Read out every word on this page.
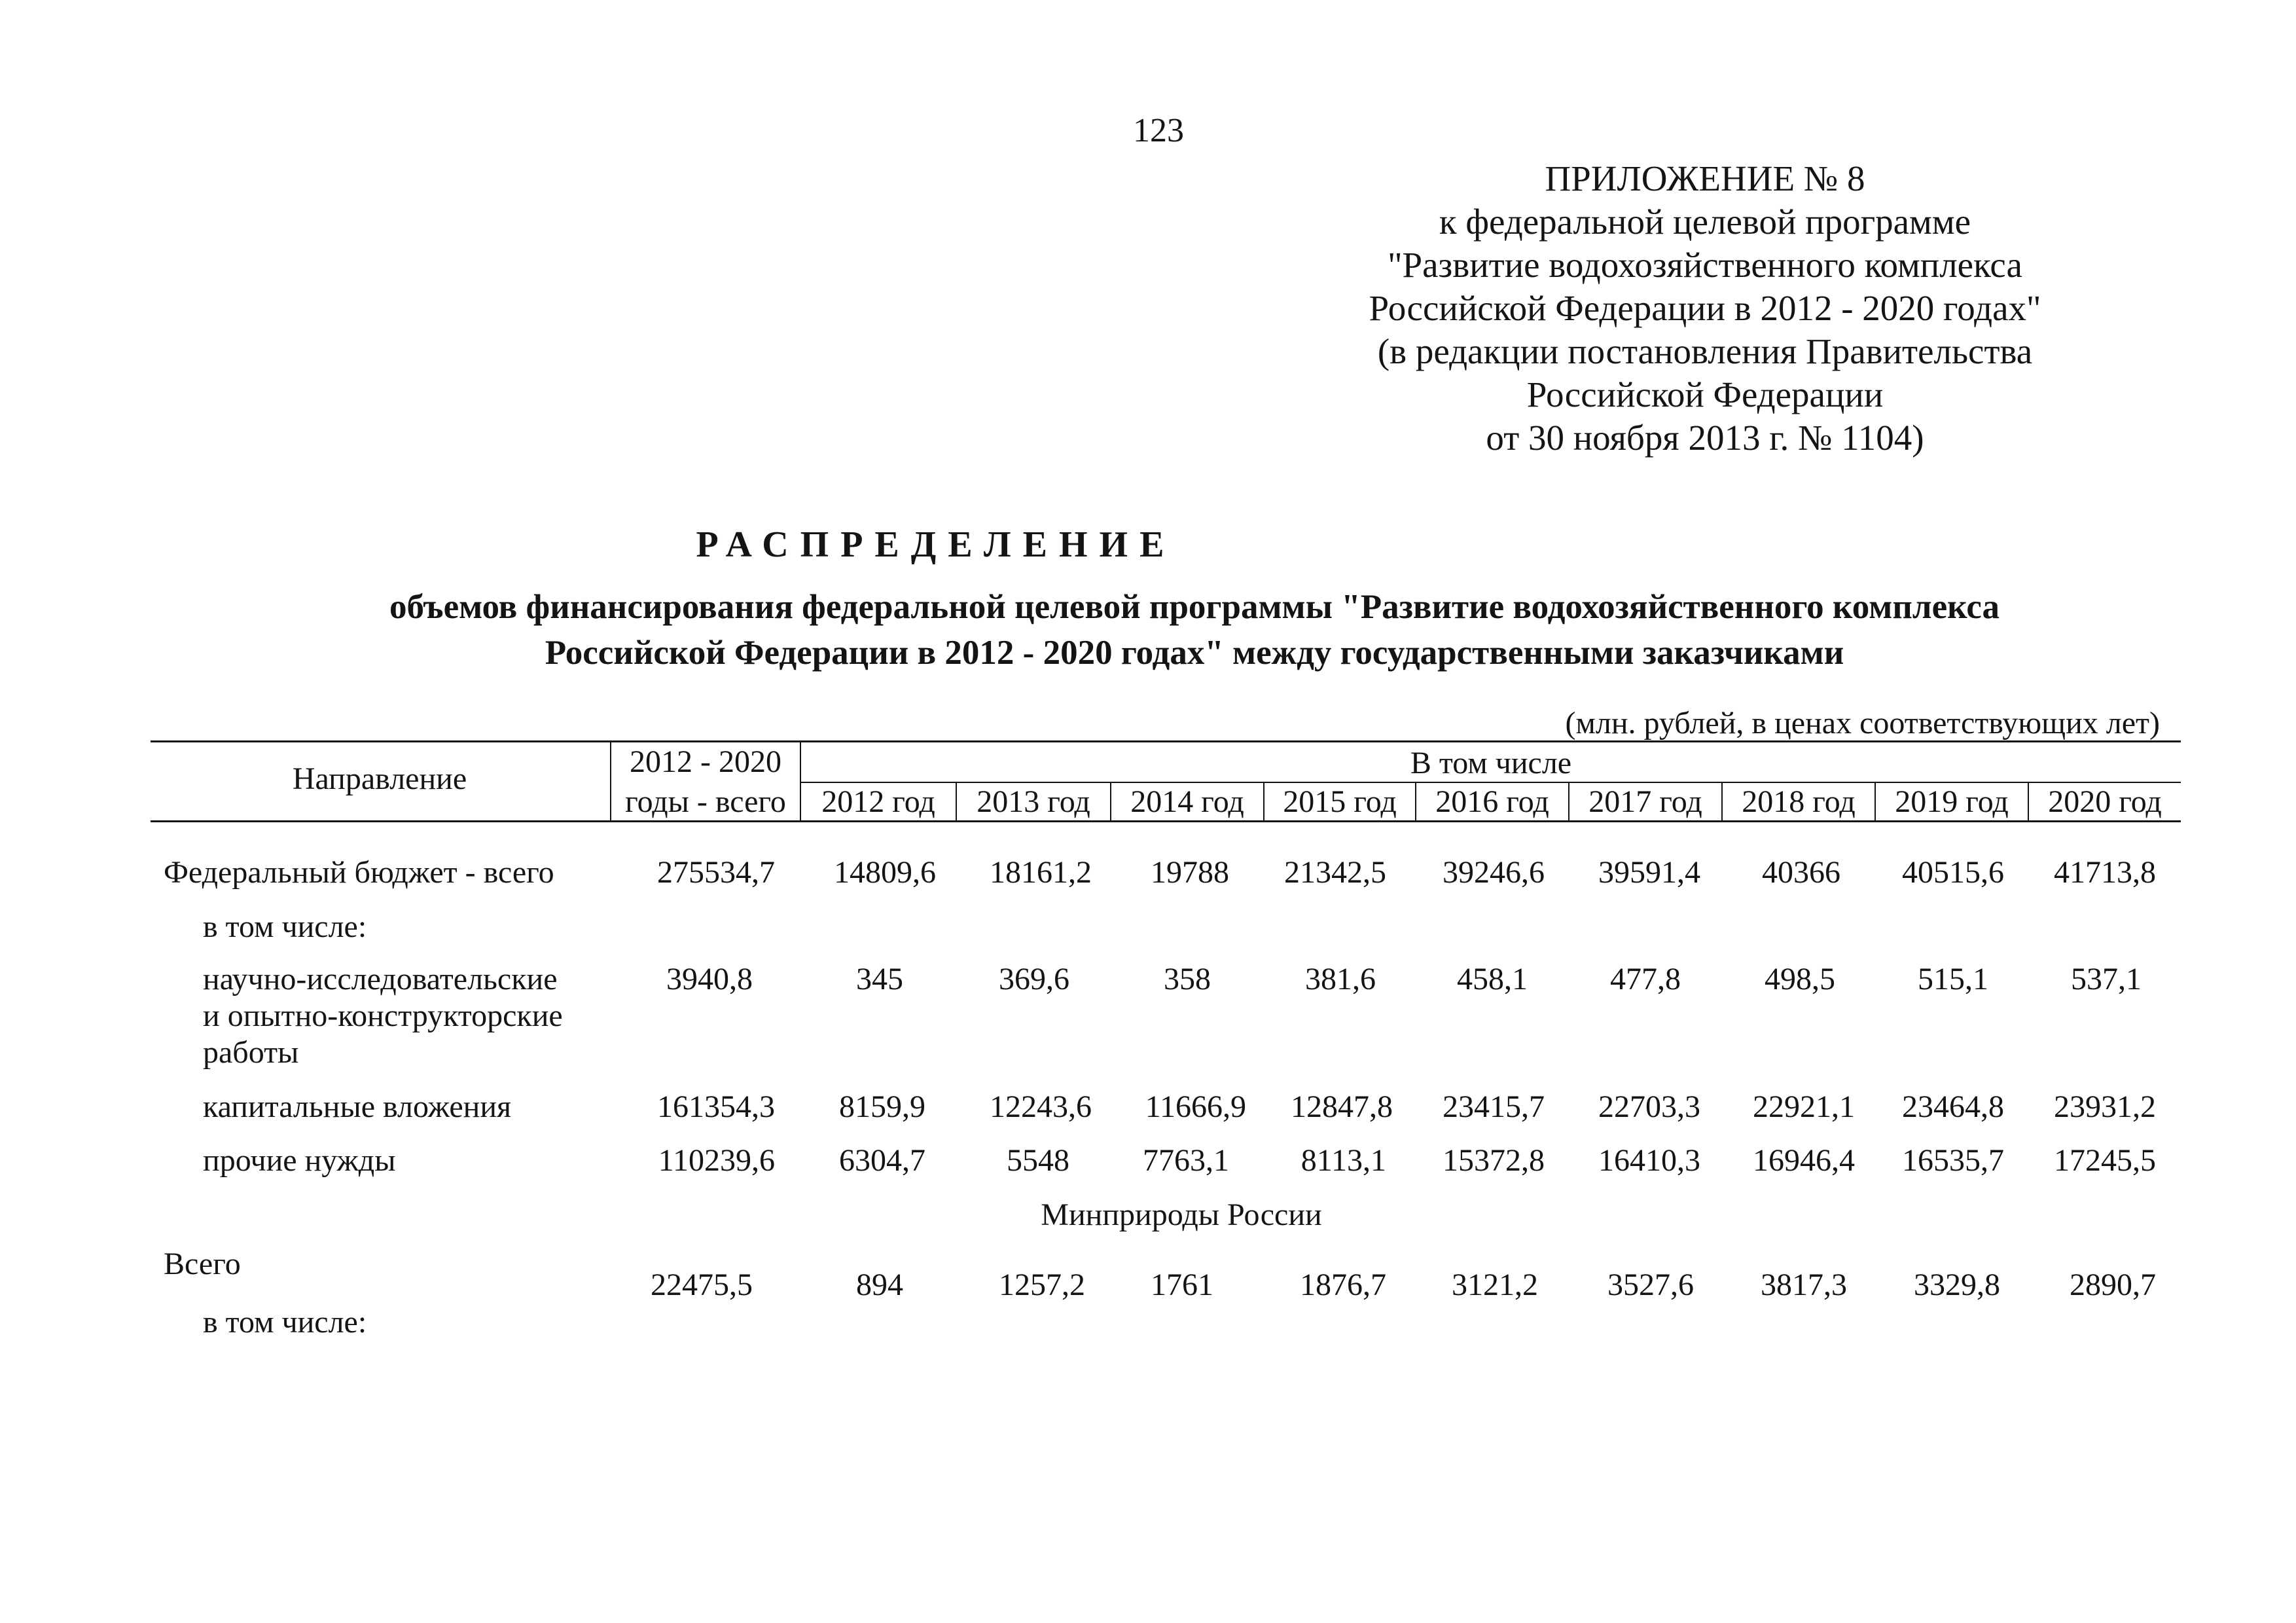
123
ПРИЛОЖЕНИЕ № 8
к федеральной целевой программе
"Развитие водохозяйственного комплекса
Российской Федерации в 2012 - 2020 годах"
(в редакции постановления Правительства
Российской Федерации
от 30 ноября 2013 г. № 1104)
РАСПРЕДЕЛЕНИЕ
объемов финансирования федеральной целевой программы "Развитие водохозяйственного комплекса
Российской Федерации в 2012 - 2020 годах" между государственными заказчиками
(млн. рублей, в ценах соответствующих лет)
Направление	2012 - 2020
годы - всего
В том числе
2012 год	2013 год	2014 год	2015 год	2016 год	2017 год	2018 год	2019 год	2020 год
Федеральный бюджет - всего	275534,7	14809,6	18161,2	19788	21342,5	39246,6	39591,4	40366	40515,6	41713,8
в том числе:
научно-исследовательские
и опытно-конструкторские
работы
3940,8	345	369,6	358	381,6	458,1	477,8	498,5	515,1	537,1
капитальные вложения	161354,3	8159,9	12243,6	11666,9	12847,8	23415,7	22703,3	22921,1	23464,8	23931,2
прочие нужды	110239,6	6304,7	5548	7763,1	8113,1	15372,8	16410,3	16946,4	16535,7	17245,5
Минприроды России
Всего
22475,5	894	1257,2	1761	1876,7	3121,2	3527,6	3817,3	3329,8	2890,7
в том числе:
